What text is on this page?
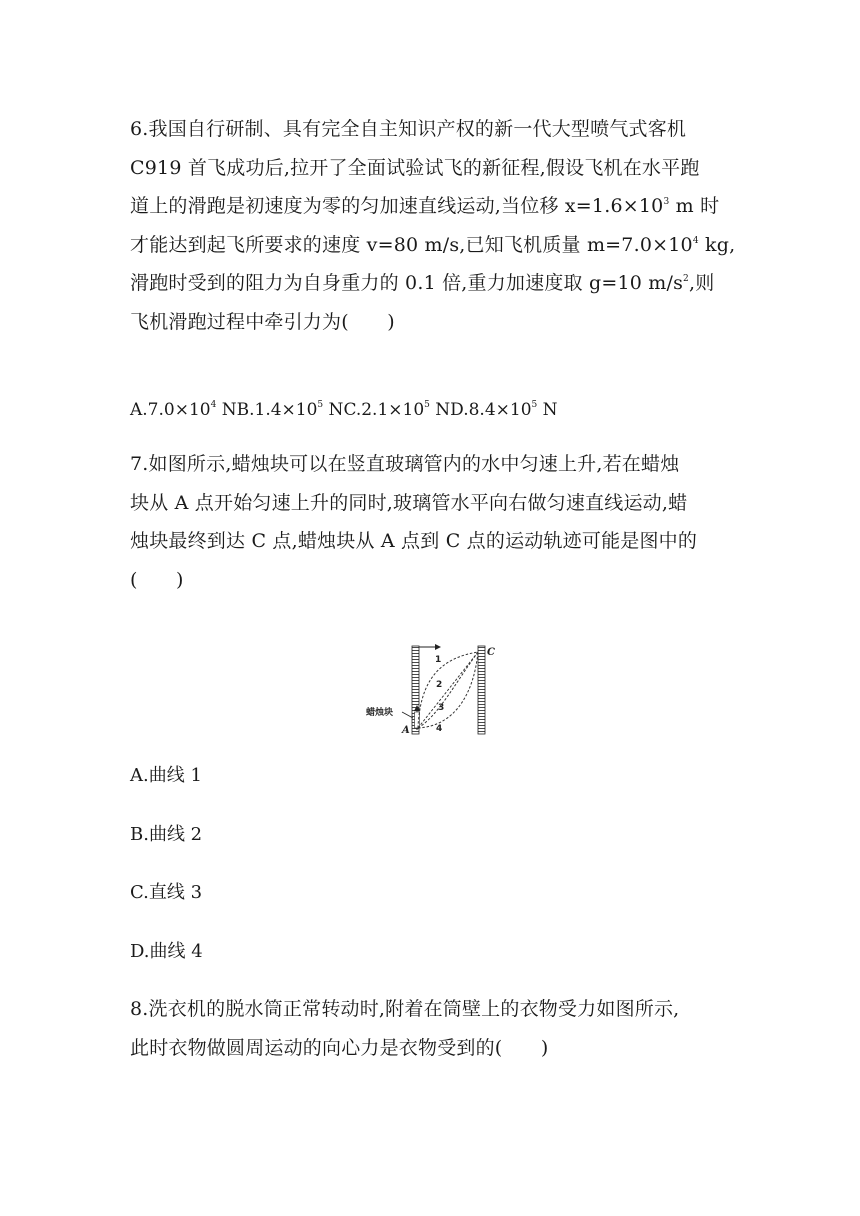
6.我国自行研制、具有完全自主知识产权的新一代大型喷气式客机
C919 首飞成功后,拉开了全面试验试飞的新征程,假设飞机在水平跑
道上的滑跑是初速度为零的匀加速直线运动,当位移 $x=1.6\times 10^3$ m 时
才能达到起飞所要求的速度 v=80 m/s,已知飞机质量 $m=7.0\times 10^4$ kg,
滑跑时受到的阻力为自身重力的 0.1 倍,重力加速度取 g=10 $m/s^2$,则
飞机滑跑过程中牵引力为(　　)
$A.7.0\times 10^4$ $NB.1.4\times 10^5$ $NC.2.1\times 10^5$ $ND.8.4\times 10^5$ N
7.如图所示,蜡烛块可以在竖直玻璃管内的水中匀速上升,若在蜡烛
块从 A 点开始匀速上升的同时,玻璃管水平向右做匀速直线运动,蜡
烛块最终到达 C 点,蜡烛块从 A 点到 C 点的运动轨迹可能是图中的
(　　)
1
2
3
4
A
C
蜡烛块
A.曲线 1
B.曲线 2
C.直线 3
D.曲线 4
8.洗衣机的脱水筒正常转动时,附着在筒壁上的衣物受力如图所示,
此时衣物做圆周运动的向心力是衣物受到的(　　)
